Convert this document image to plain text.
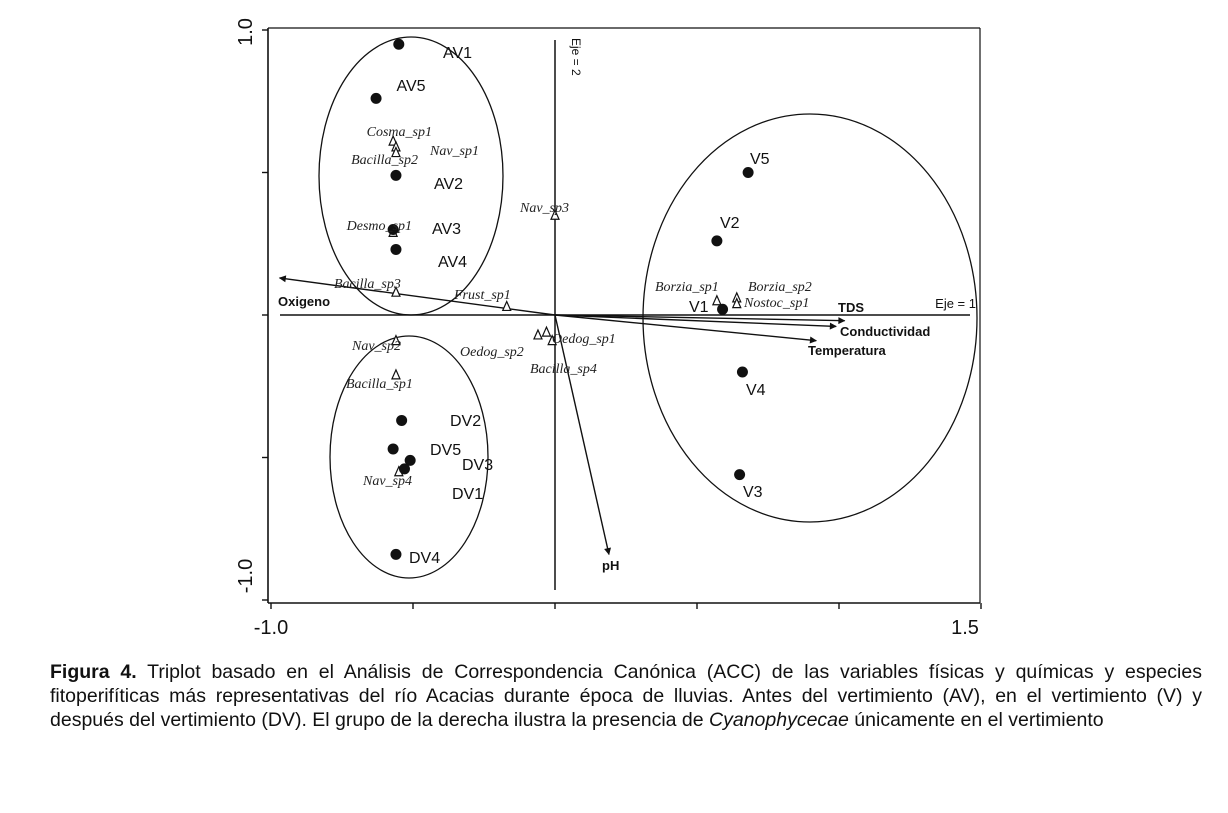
-1.0	1.5
1.0
-1.0
Eje = 1
Eje = 2
Oxigeno	TDS
Conductividad
Temperatura
pH
Cosma_sp1
Nav_sp1
Bacilla_sp2
Nav_sp3
Desmo_sp1
Bacilla_sp3
Frust_sp1
Borzia_sp1 Borzia_sp2
Nostoc_sp1
Oedog_sp1
Oedog_sp2
Bacilla_sp4
Nav_sp2
Bacilla_sp1
Nav_sp4
AV1
AV5
AV2
AV3
AV4
V5
V2
V1
V4
V3
DV2
DV5
DV3
DV1
DV4

Figura 4. Triplot basado en el Análisis de Correspondencia Canónica (ACC) de las variables físicas y químicas y especies fitoperifíticas más representativas del río Acacias durante época de lluvias. Antes del vertimiento (AV), en el vertimiento (V) y después del vertimiento (DV). El grupo de la derecha ilustra la presencia de Cyanophycecae únicamente en el vertimiento
